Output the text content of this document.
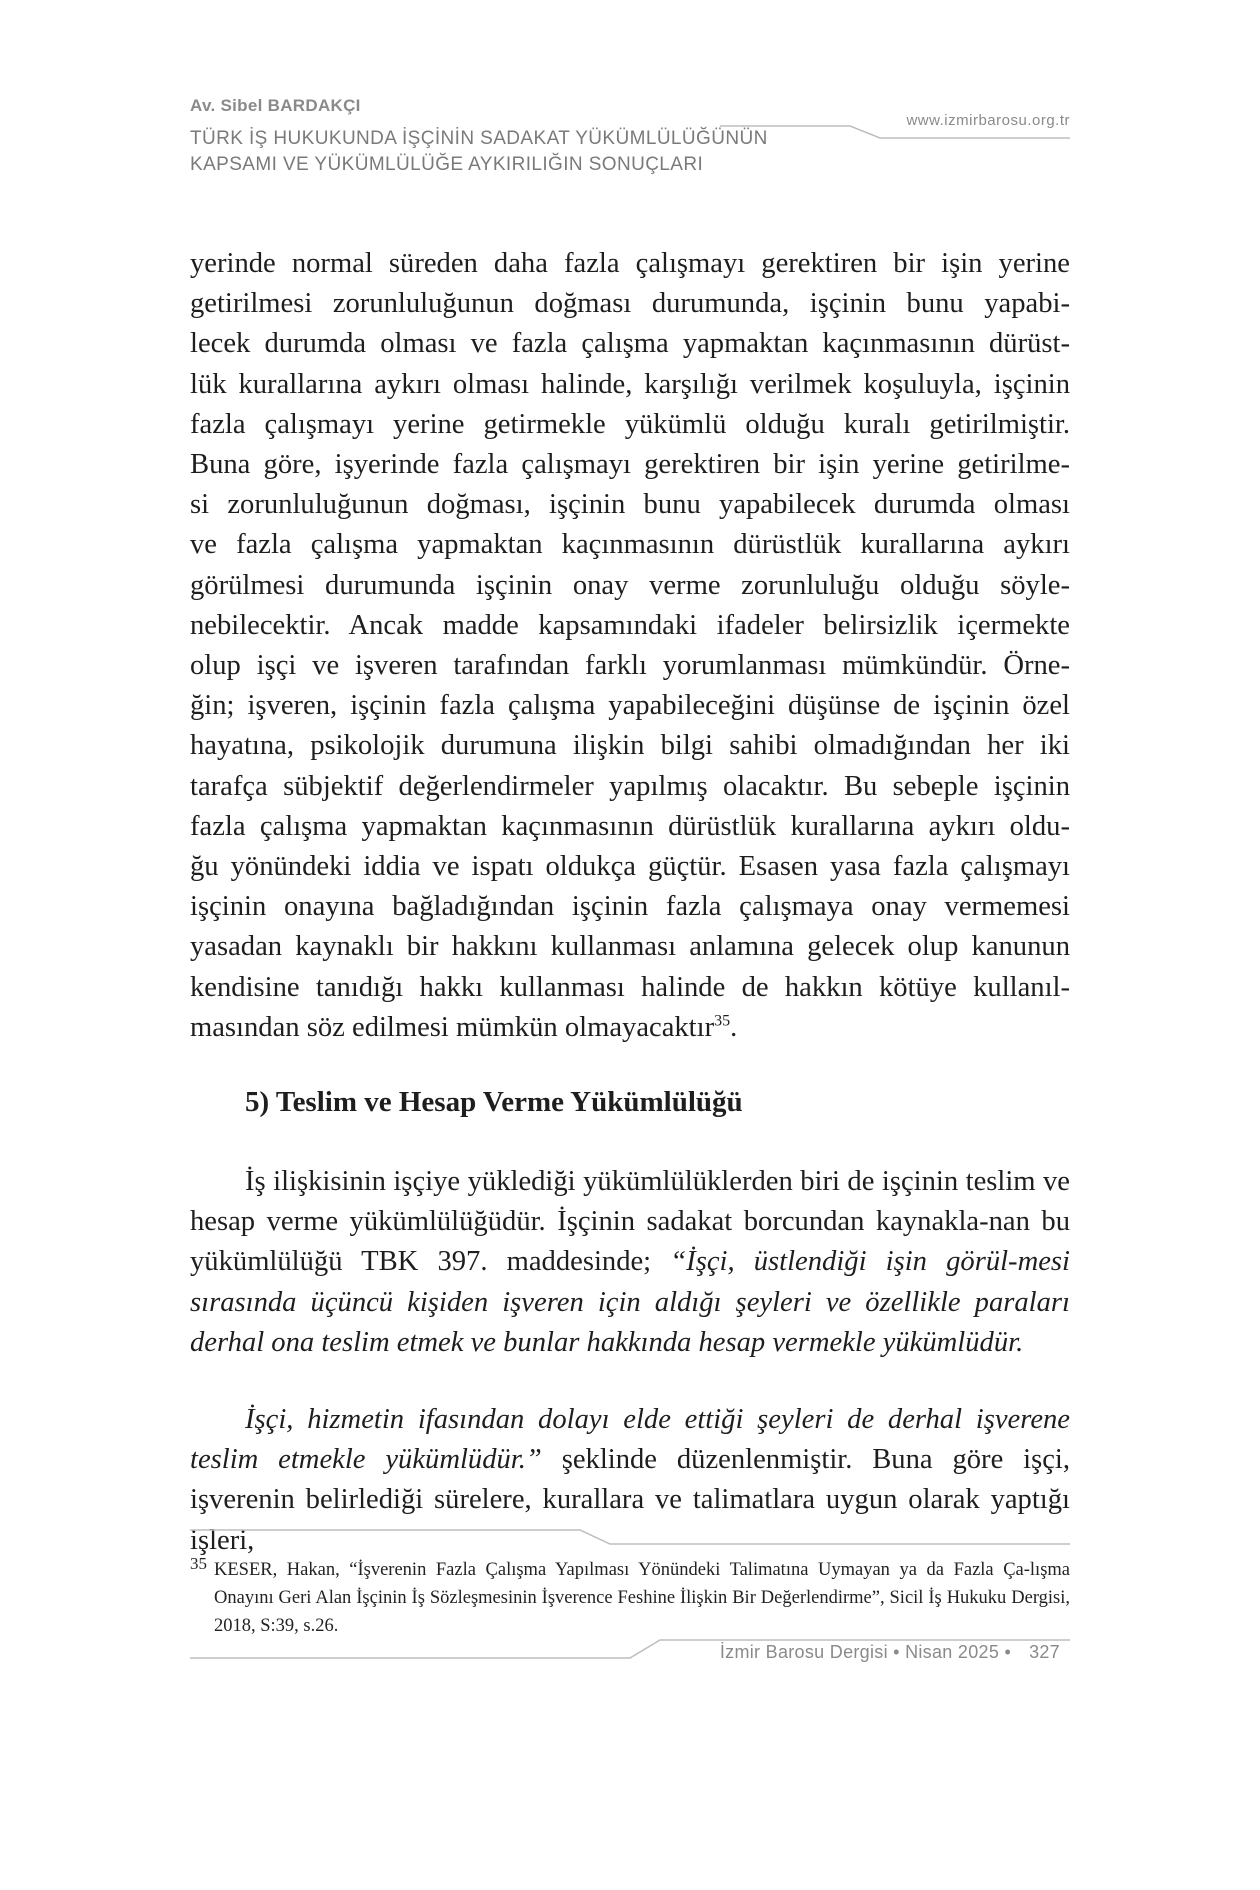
Av. Sibel BARDAKÇI
TÜRK İŞ HUKUKUNDA İŞÇİNİN SADAKAT YÜKÜMLÜLÜĞÜNÜN
KAPSAMI VE YÜKÜMLÜLÜĞE AYKIRILIĞIN SONUÇLARI
www.izmirbarosu.org.tr
yerinde normal süreden daha fazla çalışmayı gerektiren bir işin yerine
getirilmesi zorunluluğunun doğması durumunda, işçinin bunu yapabi-
lecek durumda olması ve fazla çalışma yapmaktan kaçınmasının dürüst-
lük kurallarına aykırı olması halinde, karşılığı verilmek koşuluyla, işçinin
fazla çalışmayı yerine getirmekle yükümlü olduğu kuralı getirilmiştir.
Buna göre, işyerinde fazla çalışmayı gerektiren bir işin yerine getirilme-
si zorunluluğunun doğması, işçinin bunu yapabilecek durumda olması
ve fazla çalışma yapmaktan kaçınmasının dürüstlük kurallarına aykırı
görülmesi durumunda işçinin onay verme zorunluluğu olduğu söyle-
nebilecektir. Ancak madde kapsamındaki ifadeler belirsizlik içermekte
olup işçi ve işveren tarafından farklı yorumlanması mümkündür. Örne-
ğin; işveren, işçinin fazla çalışma yapabileceğini düşünse de işçinin özel
hayatına, psikolojik durumuna ilişkin bilgi sahibi olmadığından her iki
tarafça sübjektif değerlendirmeler yapılmış olacaktır. Bu sebeple işçinin
fazla çalışma yapmaktan kaçınmasının dürüstlük kurallarına aykırı oldu-
ğu yönündeki iddia ve ispatı oldukça güçtür. Esasen yasa fazla çalışmayı
işçinin onayına bağladığından işçinin fazla çalışmaya onay vermemesi
yasadan kaynaklı bir hakkını kullanması anlamına gelecek olup kanunun
kendisine tanıdığı hakkı kullanması halinde de hakkın kötüye kullanıl-
masından söz edilmesi mümkün olmayacaktır$^{35}$.
5) Teslim ve Hesap Verme Yükümlülüğü
İş ilişkisinin işçiye yüklediği yükümlülüklerden biri de işçinin teslim ve hesap verme yükümlülüğüdür. İşçinin sadakat borcundan kaynakla-nan bu yükümlülüğü TBK 397. maddesinde; “İşçi, üstlendiği işin görül-mesi sırasında üçüncü kişiden işveren için aldığı şeyleri ve özellikle paraları derhal ona teslim etmek ve bunlar hakkında hesap vermekle yükümlüdür.
İşçi, hizmetin ifasından dolayı elde ettiği şeyleri de derhal işverene teslim etmekle yükümlüdür.” şeklinde düzenlenmiştir. Buna göre işçi, işverenin belirlediği sürelere, kurallara ve talimatlara uygun olarak yaptığı işleri,
35 KESER, Hakan, “İşverenin Fazla Çalışma Yapılması Yönündeki Talimatına Uymayan ya da Fazla Ça-lışma Onayını Geri Alan İşçinin İş Sözleşmesinin İşverence Feshine İlişkin Bir Değerlendirme”, Sicil İş Hukuku Dergisi, 2018, S:39, s.26.
İzmir Barosu Dergisi • Nisan 2025 • 327
